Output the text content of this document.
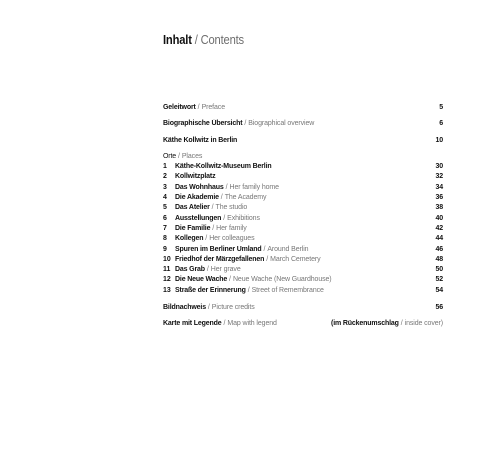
Inhalt / Contents
Geleitwort / Preface	5
Biographische Übersicht / Biographical overview	6
Käthe Kollwitz in Berlin	10
Orte / Places
1 Käthe-Kollwitz-Museum Berlin	30
2 Kollwitzplatz	32
3 Das Wohnhaus / Her family home	34
4 Die Akademie / The Academy	36
5 Das Atelier / The studio	38
6 Ausstellungen / Exhibitions	40
7 Die Familie / Her family	42
8 Kollegen / Her colleagues	44
9 Spuren im Berliner Umland / Around Berlin	46
10 Friedhof der Märzgefallenen / March Cemetery	48
11 Das Grab / Her grave	50
12 Die Neue Wache / Neue Wache (New Guardhouse)	52
13 Straße der Erinnerung / Street of Remembrance	54
Bildnachweis / Picture credits	56
Karte mit Legende / Map with legend	(im Rückenumschlag / inside cover)
